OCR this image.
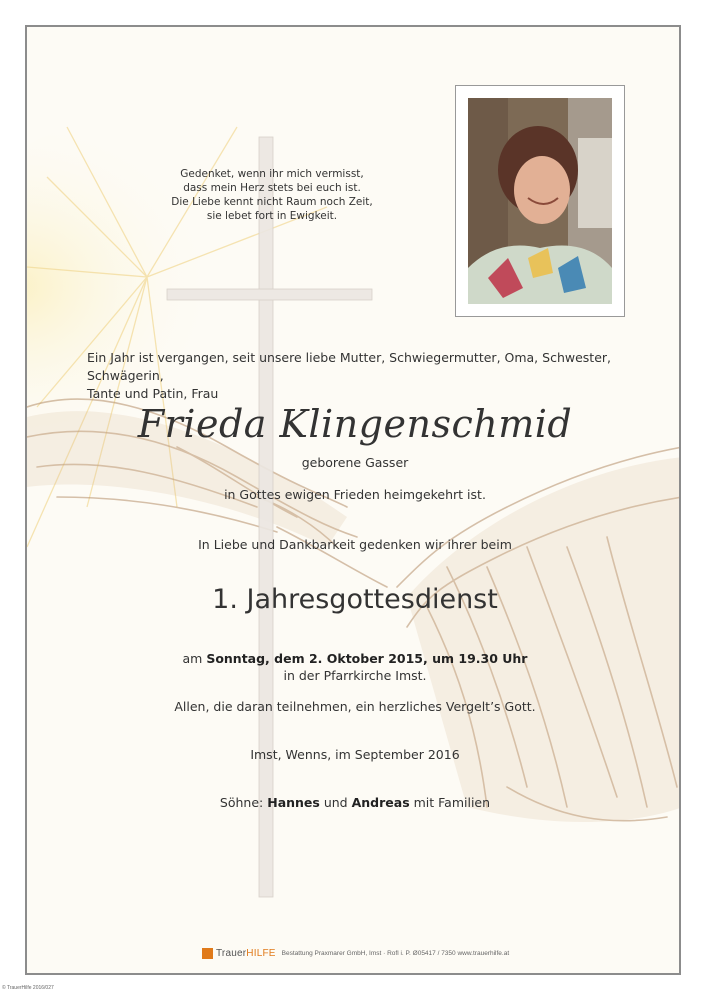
Gedenket, wenn ihr mich vermisst,
dass mein Herz stets bei euch ist.
Die Liebe kennt nicht Raum noch Zeit,
sie lebet fort in Ewigkeit.
Ein Jahr ist vergangen, seit unsere liebe Mutter, Schwiegermutter, Oma, Schwester, Schwägerin,
Tante und Patin, Frau
Frieda Klingenschmid
geborene Gasser
in Gottes ewigen Frieden heimgekehrt ist.
In Liebe und Dankbarkeit gedenken wir ihrer beim
1. Jahresgottesdienst
am Sonntag, dem 2. Oktober 2015, um 19.30 Uhr
in der Pfarrkirche Imst.
Allen, die daran teilnehmen, ein herzliches Vergelt’s Gott.
Imst, Wenns, im September 2016
Söhne: Hannes und Andreas mit Familien
TrauerHILFE Bestattung Praxmarer GmbH, Imst · Rofl i. P. Ø05417 / 7350 www.trauerhilfe.at
© TrauerHilfe 2016/027
